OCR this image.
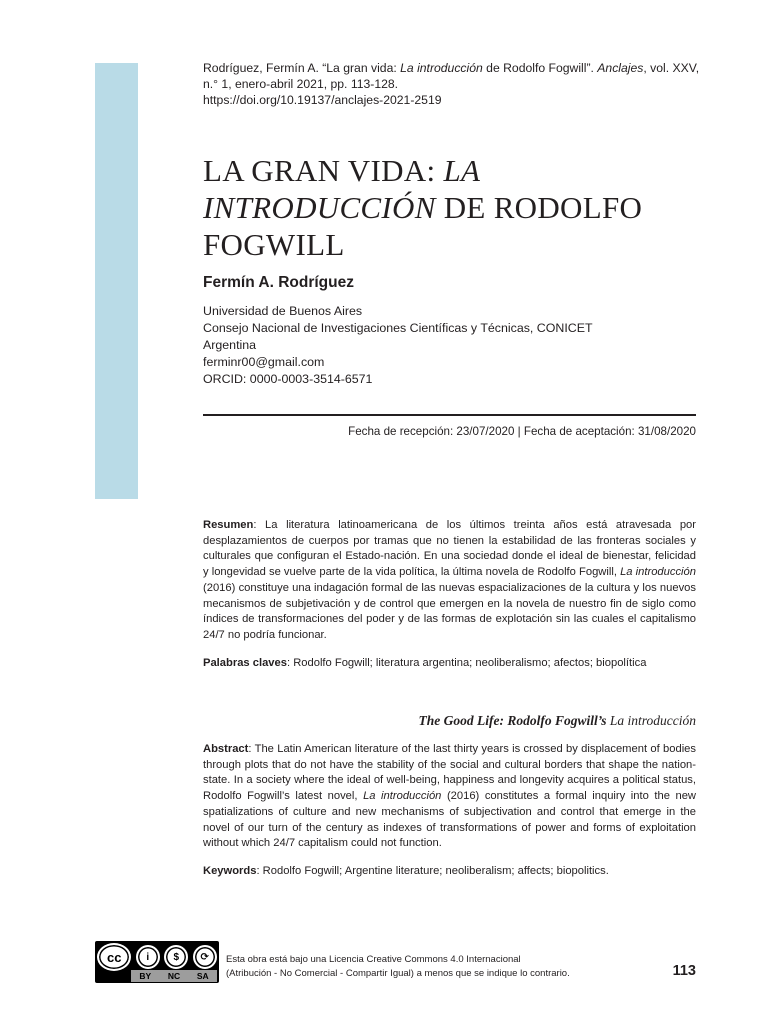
Rodríguez, Fermín A. “La gran vida: La introducción de Rodolfo Fogwill”. Anclajes, vol. XXV, n.° 1, enero-abril 2021, pp. 113-128.
https://doi.org/10.19137/anclajes-2021-2519
LA GRAN VIDA: LA INTRODUCCIÓN DE RODOLFO FOGWILL
Fermín A. Rodríguez
Universidad de Buenos Aires
Consejo Nacional de Investigaciones Científicas y Técnicas, CONICET
Argentina
ferminr00@gmail.com
ORCID: 0000-0003-3514-6571
Fecha de recepción: 23/07/2020 | Fecha de aceptación: 31/08/2020
Resumen: La literatura latinoamericana de los últimos treinta años está atravesada por desplazamientos de cuerpos por tramas que no tienen la estabilidad de las fronteras sociales y culturales que configuran el Estado-nación. En una sociedad donde el ideal de bienestar, felicidad y longevidad se vuelve parte de la vida política, la última novela de Rodolfo Fogwill, La introducción (2016) constituye una indagación formal de las nuevas espacializaciones de la cultura y los nuevos mecanismos de subjetivación y de control que emergen en la novela de nuestro fin de siglo como índices de transformaciones del poder y de las formas de explotación sin las cuales el capitalismo 24/7 no podría funcionar.
Palabras claves: Rodolfo Fogwill; literatura argentina; neoliberalismo; afectos; biopolítica
The Good Life: Rodolfo Fogwill’s La introducción
Abstract: The Latin American literature of the last thirty years is crossed by displacement of bodies through plots that do not have the stability of the social and cultural borders that shape the nation-state. In a society where the ideal of well-being, happiness and longevity acquires a political status, Rodolfo Fogwill’s latest novel, La introducción (2016) constitutes a formal inquiry into the new spatializations of culture and new mechanisms of subjectivation and control that emerge in the novel of our turn of the century as indexes of transformations of power and forms of exploitation without which 24/7 capitalism could not function.
Keywords: Rodolfo Fogwill; Argentine literature; neoliberalism; affects; biopolitics.
cc	i	$	⟳
BY NC SA
Esta obra está bajo una Licencia Creative Commons 4.0 Internacional
(Atribución - No Comercial - Compartir Igual) a menos que se indique lo contrario.	113
